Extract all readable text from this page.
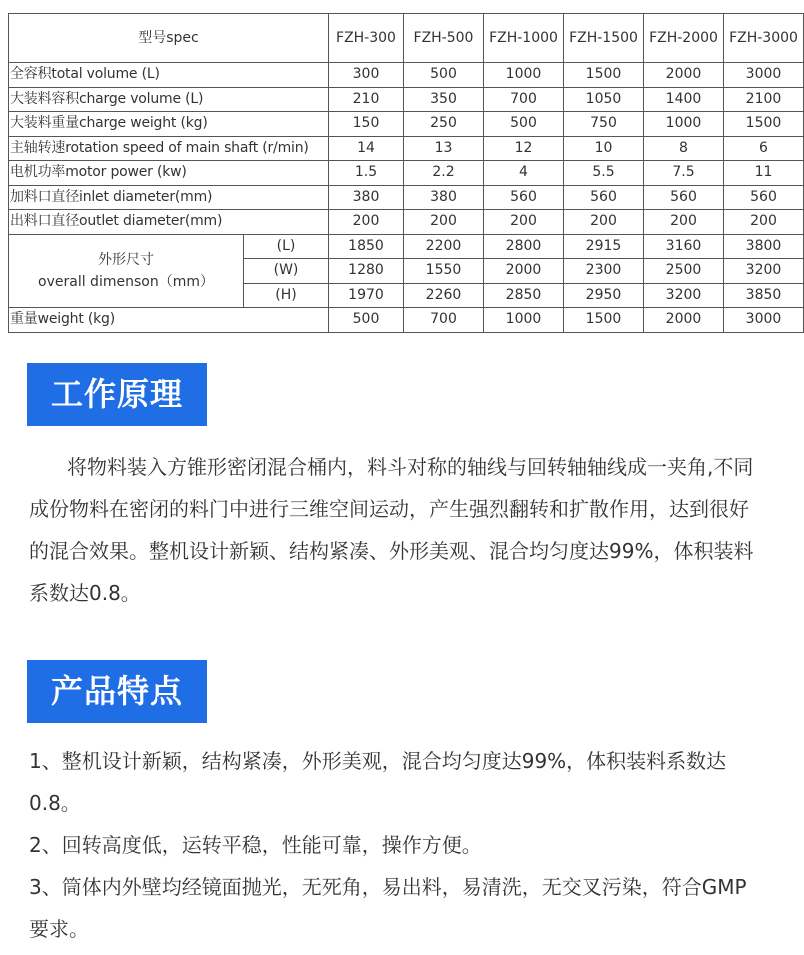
型号spec		FZH-300	FZH-500	FZH-1000	FZH-1500	FZH-2000	FZH-3000
全容积total volume (L)		300	500	1000	1500	2000	3000
大装料容积charge volume (L)		210	350	700	1050	1400	2100
大装料重量charge weight (kg)		150	250	500	750	1000	1500
主轴转速rotation speed of main shaft (r/min)		14	13	12	10	8	6
电机功率motor power (kw)		1.5	2.2	4	5.5	7.5	11
加料口直径inlet diameter(mm)		380	380	560	560	560	560
出料口直径outlet diameter(mm)		200	200	200	200	200	200
外形尺寸
overall dimenson（mm）	(L)	1850	2200	2800	2915	3160	3800
	(W)	1280	1550	2000	2300	2500	3200
	(H)	1970	2260	2850	2950	3200	3850
重量weight (kg)		500	700	1000	1500	2000	3000
工作原理

将物料装入方锥形密闭混合桶内，料斗对称的轴线与回转轴轴线成一夹角,不同成份物料在密闭的料门中进行三维空间运动，产生强烈翻转和扩散作用，达到很好的混合效果。整机设计新颖、结构紧凑、外形美观、混合均匀度达99%，体积装料系数达0.8。

产品特点

1、整机设计新颖，结构紧凑，外形美观，混合均匀度达99%，体积装料系数达0.8。

2、回转高度低，运转平稳，性能可靠，操作方便。

3、筒体内外壁均经镜面抛光，无死角，易出料，易清洗，无交叉污染，符合GMP要求。
